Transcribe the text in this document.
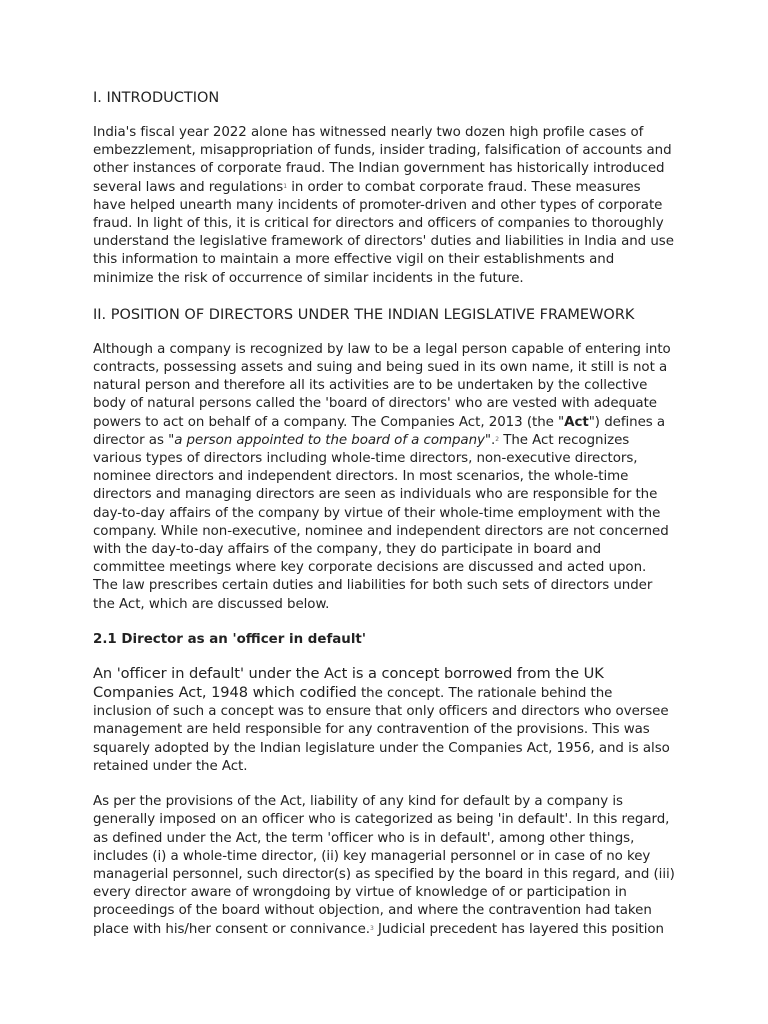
I. INTRODUCTION

India's fiscal year 2022 alone has witnessed nearly two dozen high profile cases of embezzlement, misappropriation of funds, insider trading, falsification of accounts and other instances of corporate fraud. The Indian government has historically introduced several laws and regulations$^1$ in order to combat corporate fraud. These measures have helped unearth many incidents of promoter-driven and other types of corporate fraud. In light of this, it is critical for directors and officers of companies to thoroughly understand the legislative framework of directors' duties and liabilities in India and use this information to maintain a more effective vigil on their establishments and minimize the risk of occurrence of similar incidents in the future.

II. POSITION OF DIRECTORS UNDER THE INDIAN LEGISLATIVE FRAMEWORK

Although a company is recognized by law to be a legal person capable of entering into contracts, possessing assets and suing and being sued in its own name, it still is not a natural person and therefore all its activities are to be undertaken by the collective body of natural persons called the 'board of directors' who are vested with adequate powers to act on behalf of a company. The Companies Act, 2013 (the "Act") defines a director as "a person appointed to the board of a company".$^2$ The Act recognizes various types of directors including whole-time directors, non-executive directors, nominee directors and independent directors. In most scenarios, the whole-time directors and managing directors are seen as individuals who are responsible for the day-to-day affairs of the company by virtue of their whole-time employment with the company. While non-executive, nominee and independent directors are not concerned with the day-to-day affairs of the company, they do participate in board and committee meetings where key corporate decisions are discussed and acted upon. The law prescribes certain duties and liabilities for both such sets of directors under the Act, which are discussed below.

2.1 Director as an 'officer in default'

An 'officer in default' under the Act is a concept borrowed from the UK Companies Act, 1948 which codified the concept. The rationale behind the inclusion of such a concept was to ensure that only officers and directors who oversee management are held responsible for any contravention of the provisions. This was squarely adopted by the Indian legislature under the Companies Act, 1956, and is also retained under the Act.

As per the provisions of the Act, liability of any kind for default by a company is generally imposed on an officer who is categorized as being 'in default'. In this regard, as defined under the Act, the term 'officer who is in default', among other things, includes (i) a whole-time director, (ii) key managerial personnel or in case of no key managerial personnel, such director(s) as specified by the board in this regard, and (iii) every director aware of wrongdoing by virtue of knowledge of or participation in proceedings of the board without objection, and where the contravention had taken place with his/her consent or connivance.$^3$ Judicial precedent has layered this position
